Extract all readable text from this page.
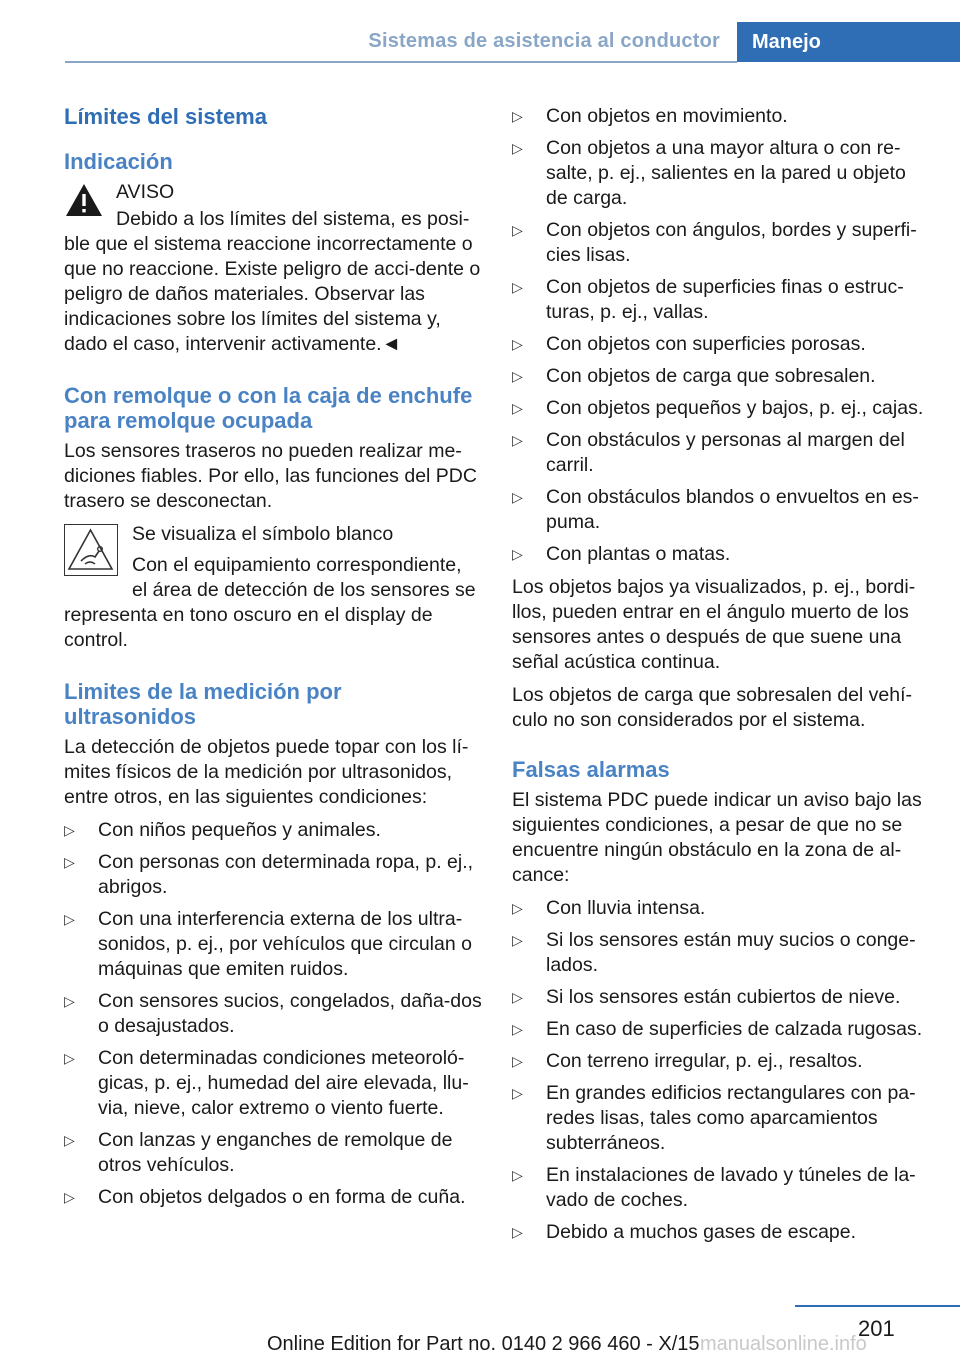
Sistemas de asistencia al conductor	Manejo
Límites del sistema
Indicación

AVISO

Debido a los límites del sistema, es posi-

ble que el sistema reaccione incorrectamente o que no reaccione. Existe peligro de acci-dente o peligro de daños materiales. Observar las indicaciones sobre los límites del sistema y, dado el caso, intervenir activamente.◄

Con remolque o con la caja de enchufe para remolque ocupada

Los sensores traseros no pueden realizar me-diciones fiables. Por ello, las funciones del PDC trasero se desconectan.

Se visualiza el símbolo blanco

Con el equipamiento correspondiente,

el área de detección de los sensores se

representa en tono oscuro en el display de control.

Limites de la medición por ultrasonidos

La detección de objetos puede topar con los lí-mites físicos de la medición por ultrasonidos, entre otros, en las siguientes condiciones:

▷ Con niños pequeños y animales.
▷ Con personas con determinada ropa, p. ej., abrigos.
▷ Con una interferencia externa de los ultra-sonidos, p. ej., por vehículos que circulan o máquinas que emiten ruidos.
▷ Con sensores sucios, congelados, daña-dos o desajustados.
▷ Con determinadas condiciones meteoroló-gicas, p. ej., humedad del aire elevada, llu-via, nieve, calor extremo o viento fuerte.
▷ Con lanzas y enganches de remolque de otros vehículos.
▷ Con objetos delgados o en forma de cuña.
▷ Con objetos en movimiento.
▷ Con objetos a una mayor altura o con re-salte, p. ej., salientes en la pared u objeto de carga.
▷ Con objetos con ángulos, bordes y superfi-cies lisas.
▷ Con objetos de superficies finas o estruc-turas, p. ej., vallas.
▷ Con objetos con superficies porosas.
▷ Con objetos de carga que sobresalen.
▷ Con objetos pequeños y bajos, p. ej., cajas.
▷ Con obstáculos y personas al margen del carril.
▷ Con obstáculos blandos o envueltos en es-puma.
▷ Con plantas o matas.

Los objetos bajos ya visualizados, p. ej., bordi-llos, pueden entrar en el ángulo muerto de los sensores antes o después de que suene una señal acústica continua.

Los objetos de carga que sobresalen del vehí-culo no son considerados por el sistema.

Falsas alarmas

El sistema PDC puede indicar un aviso bajo las siguientes condiciones, a pesar de que no se encuentre ningún obstáculo en la zona de al-cance:

▷ Con lluvia intensa.
▷ Si los sensores están muy sucios o conge-lados.
▷ Si los sensores están cubiertos de nieve.
▷ En caso de superficies de calzada rugosas.
▷ Con terreno irregular, p. ej., resaltos.
▷ En grandes edificios rectangulares con pa-redes lisas, tales como aparcamientos subterráneos.
▷ En instalaciones de lavado y túneles de la-vado de coches.
▷ Debido a muchos gases de escape.
201
Online Edition for Part no. 0140 2 966 460 - X/15 manualsonline.info
